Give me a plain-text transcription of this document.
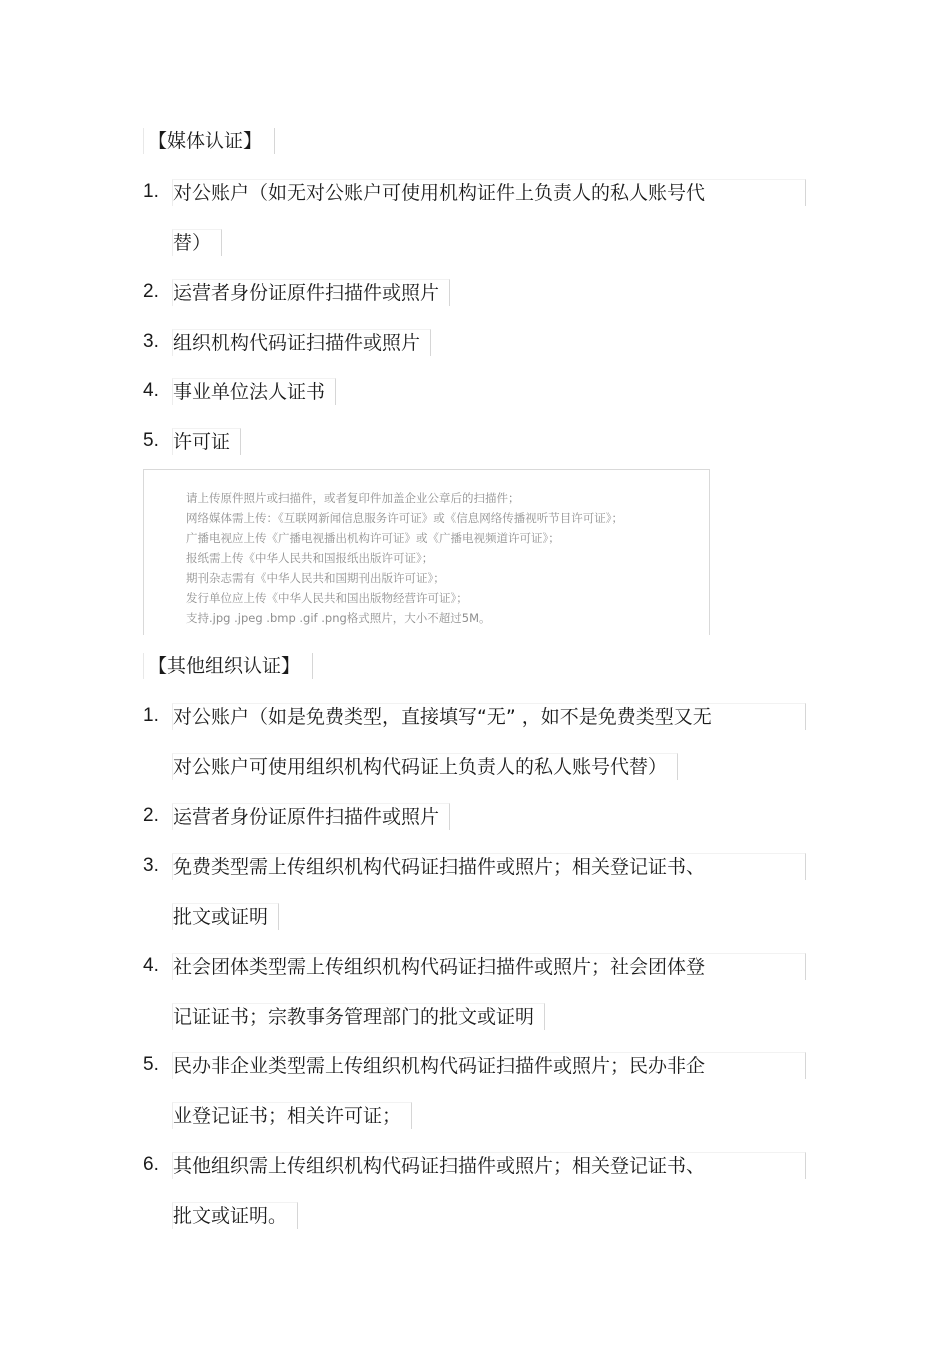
【媒体认证】
1. 对公账户（如无对公账户可使用机构证件上负责人的私人账号代
替）
2. 运营者身份证原件扫描件或照片
3. 组织机构代码证扫描件或照片
4. 事业单位法人证书
5. 许可证
请上传原件照片或扫描件，或者复印件加盖企业公章后的扫描件；
网络媒体需上传：《互联网新闻信息服务许可证》或《信息网络传播视听节目许可证》；
广播电视应上传《广播电视播出机构许可证》或《广播电视频道许可证》；
报纸需上传《中华人民共和国报纸出版许可证》；
期刊杂志需有《中华人民共和国期刊出版许可证》；
发行单位应上传《中华人民共和国出版物经营许可证》；
支持.jpg .jpeg .bmp .gif .png格式照片，大小不超过5M。
【其他组织认证】
1. 对公账户（如是免费类型，直接填写“无” ，如不是免费类型又无
对公账户可使用组织机构代码证上负责人的私人账号代替）
2. 运营者身份证原件扫描件或照片
3. 免费类型需上传组织机构代码证扫描件或照片；相关登记证书、
批文或证明
4. 社会团体类型需上传组织机构代码证扫描件或照片；社会团体登
记证证书；宗教事务管理部门的批文或证明
5. 民办非企业类型需上传组织机构代码证扫描件或照片；民办非企
业登记证书；相关许可证；
6. 其他组织需上传组织机构代码证扫描件或照片；相关登记证书、
批文或证明。
